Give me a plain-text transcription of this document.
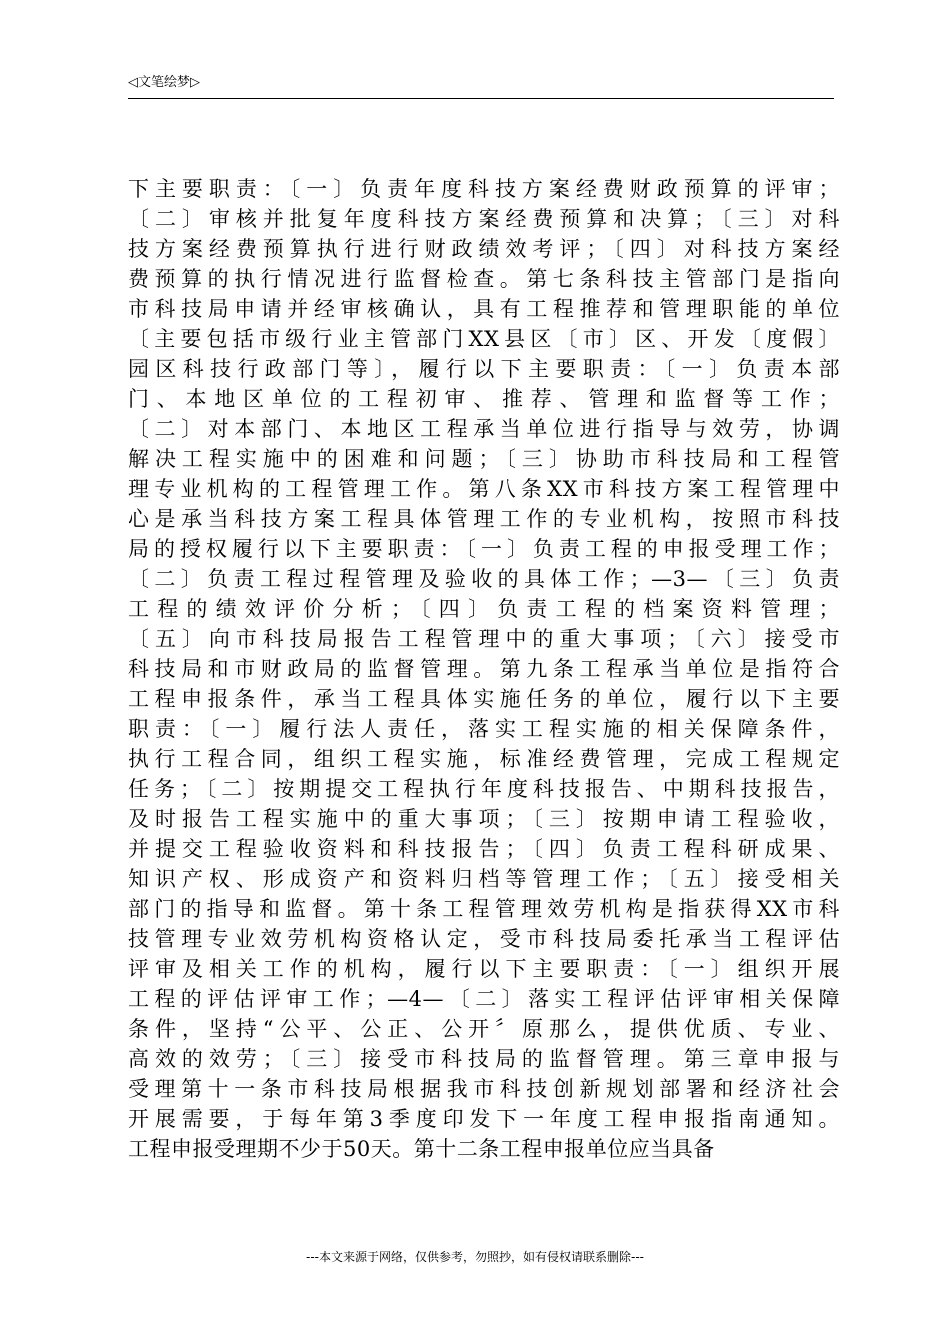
◁文笔绘梦▷
下主要职责：〔一〕负责年度科技方案经费财政预算的评审；
〔二〕审核并批复年度科技方案经费预算和决算；〔三〕对科
技方案经费预算执行进行财政绩效考评；〔四〕对科技方案经
费预算的执行情况进行监督检查。第七条科技主管部门是指向
市科技局申请并经审核确认，具有工程推荐和管理职能的单位
〔主要包括市级行业主管部门XX县区〔市〕区、开发〔度假〕
园区科技行政部门等〕，履行以下主要职责：〔一〕负责本部
门、本地区单位的工程初审、推荐、管理和监督等工作；
〔二〕对本部门、本地区工程承当单位进行指导与效劳，协调
解决工程实施中的困难和问题；〔三〕协助市科技局和工程管
理专业机构的工程管理工作。第八条XX市科技方案工程管理中
心是承当科技方案工程具体管理工作的专业机构，按照市科技
局的授权履行以下主要职责：〔一〕负责工程的申报受理工作；
〔二〕负责工程过程管理及验收的具体工作；—3—〔三〕负责
工程的绩效评价分析；〔四〕负责工程的档案资料管理；
〔五〕向市科技局报告工程管理中的重大事项；〔六〕接受市
科技局和市财政局的监督管理。第九条工程承当单位是指符合
工程申报条件，承当工程具体实施任务的单位，履行以下主要
职责：〔一〕履行法人责任，落实工程实施的相关保障条件，
执行工程合同，组织工程实施，标准经费管理，完成工程规定
任务；〔二〕按期提交工程执行年度科技报告、中期科技报告，
及时报告工程实施中的重大事项；〔三〕按期申请工程验收，
并提交工程验收资料和科技报告；〔四〕负责工程科研成果、
知识产权、形成资产和资料归档等管理工作；〔五〕接受相关
部门的指导和监督。第十条工程管理效劳机构是指获得XX市科
技管理专业效劳机构资格认定，受市科技局委托承当工程评估
评审及相关工作的机构，履行以下主要职责：〔一〕组织开展
工程的评估评审工作；—4—〔二〕落实工程评估评审相关保障
条件，坚持“公平、公正、公开〞原那么，提供优质、专业、
高效的效劳；〔三〕接受市科技局的监督管理。第三章申报与
受理第十一条市科技局根据我市科技创新规划部署和经济社会
开展需要，于每年第3季度印发下一年度工程申报指南通知。
工程申报受理期不少于50天。第十二条工程申报单位应当具备
---本文来源于网络，仅供参考，勿照抄，如有侵权请联系删除---
